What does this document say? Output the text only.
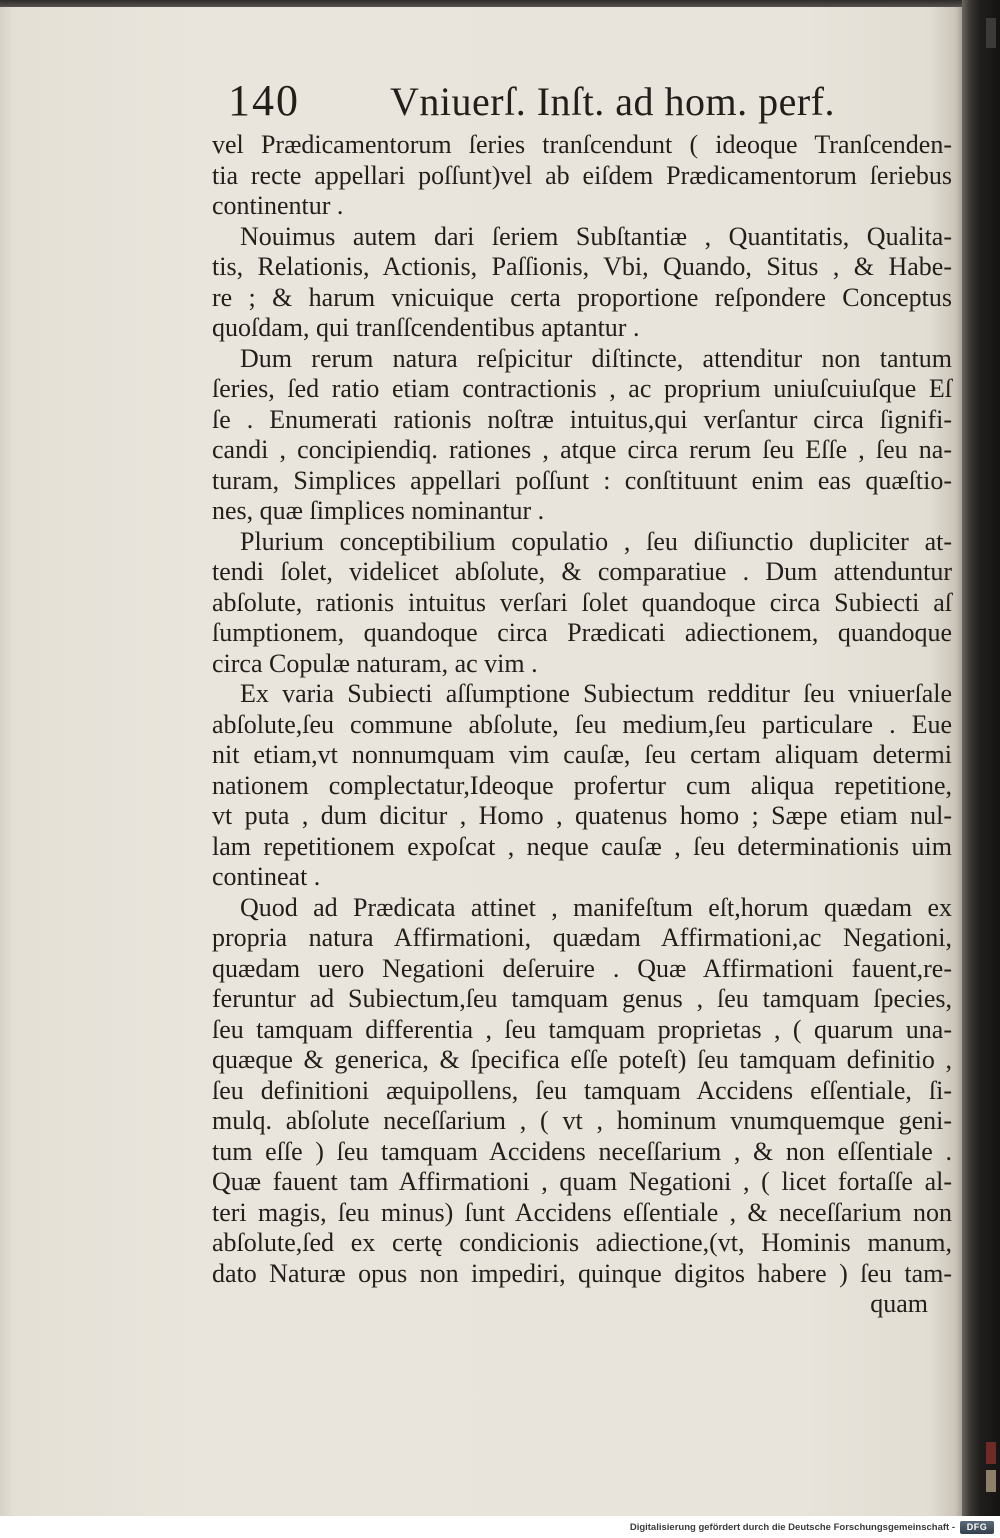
140 Vniuerſ. Inſt. ad hom. perf.
vel Prædicamentorum ſeries tranſcendunt ( ideoque Tranſcenden-
tia recte appellari poſſunt)vel ab eiſdem Prædicamentorum ſeriebus
continentur .
Nouimus autem dari ſeriem Subſtantiæ , Quantitatis, Qualita-
tis, Relationis, Actionis, Paſſionis, Vbi, Quando, Situs , & Habe-
re ; & harum vnicuique certa proportione reſpondere Conceptus
quoſdam, qui tranſſcendentibus aptantur .
Dum rerum natura reſpicitur diſtincte, attenditur non tantum
ſeries, ſed ratio etiam contractionis , ac proprium uniuſcuiuſque Eſ
ſe . Enumerati rationis noſtræ intuitus,qui verſantur circa ſignifi-
candi , concipiendiq. rationes , atque circa rerum ſeu Eſſe , ſeu na-
turam, Simplices appellari poſſunt : conſtituunt enim eas quæſtio-
nes, quæ ſimplices nominantur .
Plurium conceptibilium copulatio , ſeu diſiunctio dupliciter at-
tendi ſolet, videlicet abſolute, & comparatiue . Dum attenduntur
abſolute, rationis intuitus verſari ſolet quandoque circa Subiecti aſ
ſumptionem, quandoque circa Prædicati adiectionem, quandoque
circa Copulæ naturam, ac vim .
Ex varia Subiecti aſſumptione Subiectum redditur ſeu vniuerſale
abſolute,ſeu commune abſolute, ſeu medium,ſeu particulare . Eue
nit etiam,vt nonnumquam vim cauſæ, ſeu certam aliquam determi
nationem complectatur,Ideoque profertur cum aliqua repetitione,
vt puta , dum dicitur , Homo , quatenus homo ; Sæpe etiam nul-
lam repetitionem expoſcat , neque cauſæ , ſeu determinationis uim
contineat .
Quod ad Prædicata attinet , manifeſtum eſt,horum quædam ex
propria natura Affirmationi, quædam Affirmationi,ac Negationi,
quædam uero Negationi deſeruire . Quæ Affirmationi fauent,re-
feruntur ad Subiectum,ſeu tamquam genus , ſeu tamquam ſpecies,
ſeu tamquam differentia , ſeu tamquam proprietas , ( quarum una-
quæque & generica, & ſpecifica eſſe poteſt) ſeu tamquam definitio ,
ſeu definitioni æquipollens, ſeu tamquam Accidens eſſentiale, ſi-
mulq. abſolute neceſſarium , ( vt , hominum vnumquemque geni-
tum eſſe ) ſeu tamquam Accidens neceſſarium , & non eſſentiale .
Quæ fauent tam Affirmationi , quam Negationi , ( licet fortaſſe al-
teri magis, ſeu minus) ſunt Accidens eſſentiale , & neceſſarium non
abſolute,ſed ex certę condicionis adiectione,(vt, Hominis manum,
dato Naturæ opus non impediri, quinque digitos habere ) ſeu tam-
quam
Digitalisierung gefördert durch die Deutsche Forschungsgemeinschaft -	DFG
